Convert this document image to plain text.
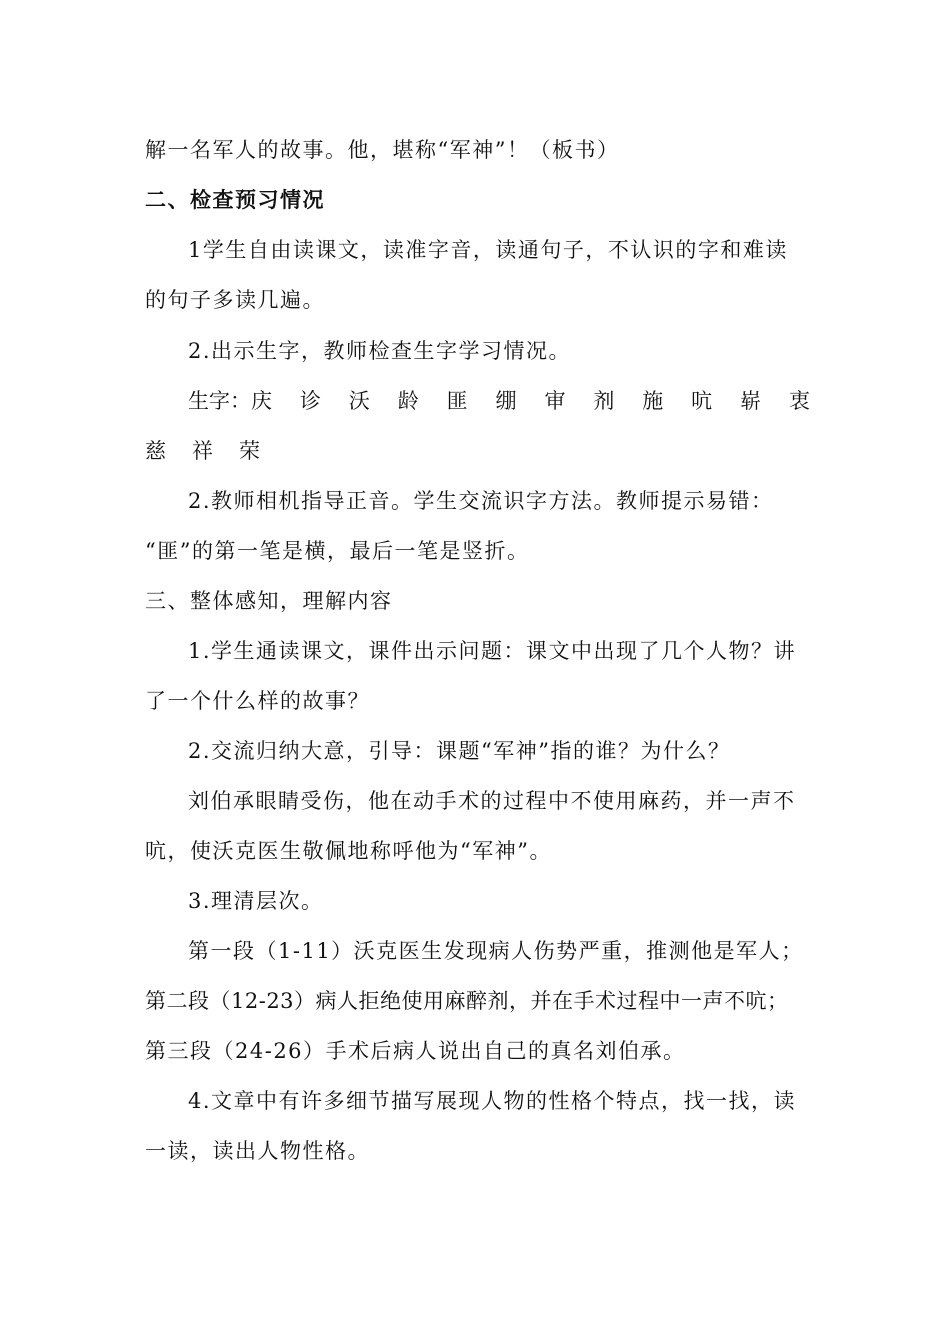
解一名军人的故事。他，堪称“军神”！（板书）
二、检查预习情况
1学生自由读课文，读准字音，读通句子，不认识的字和难读
的句子多读几遍。
2.出示生字，教师检查生字学习情况。
生字：庆 诊 沃 龄 匪 绷 审 剂 施 吭 崭 衷
慈 祥 荣
2.教师相机指导正音。学生交流识字方法。教师提示易错：
“匪”的第一笔是横，最后一笔是竖折。
三、整体感知，理解内容
1.学生通读课文，课件出示问题：课文中出现了几个人物？讲
了一个什么样的故事？
2.交流归纳大意，引导：课题“军神”指的谁？为什么？
刘伯承眼睛受伤，他在动手术的过程中不使用麻药，并一声不
吭，使沃克医生敬佩地称呼他为“军神”。
3.理清层次。
第一段（1-11）沃克医生发现病人伤势严重，推测他是军人；
第二段（12-23）病人拒绝使用麻醉剂，并在手术过程中一声不吭；
第三段（24-26）手术后病人说出自己的真名刘伯承。
4.文章中有许多细节描写展现人物的性格个特点，找一找，读
一读，读出人物性格。
